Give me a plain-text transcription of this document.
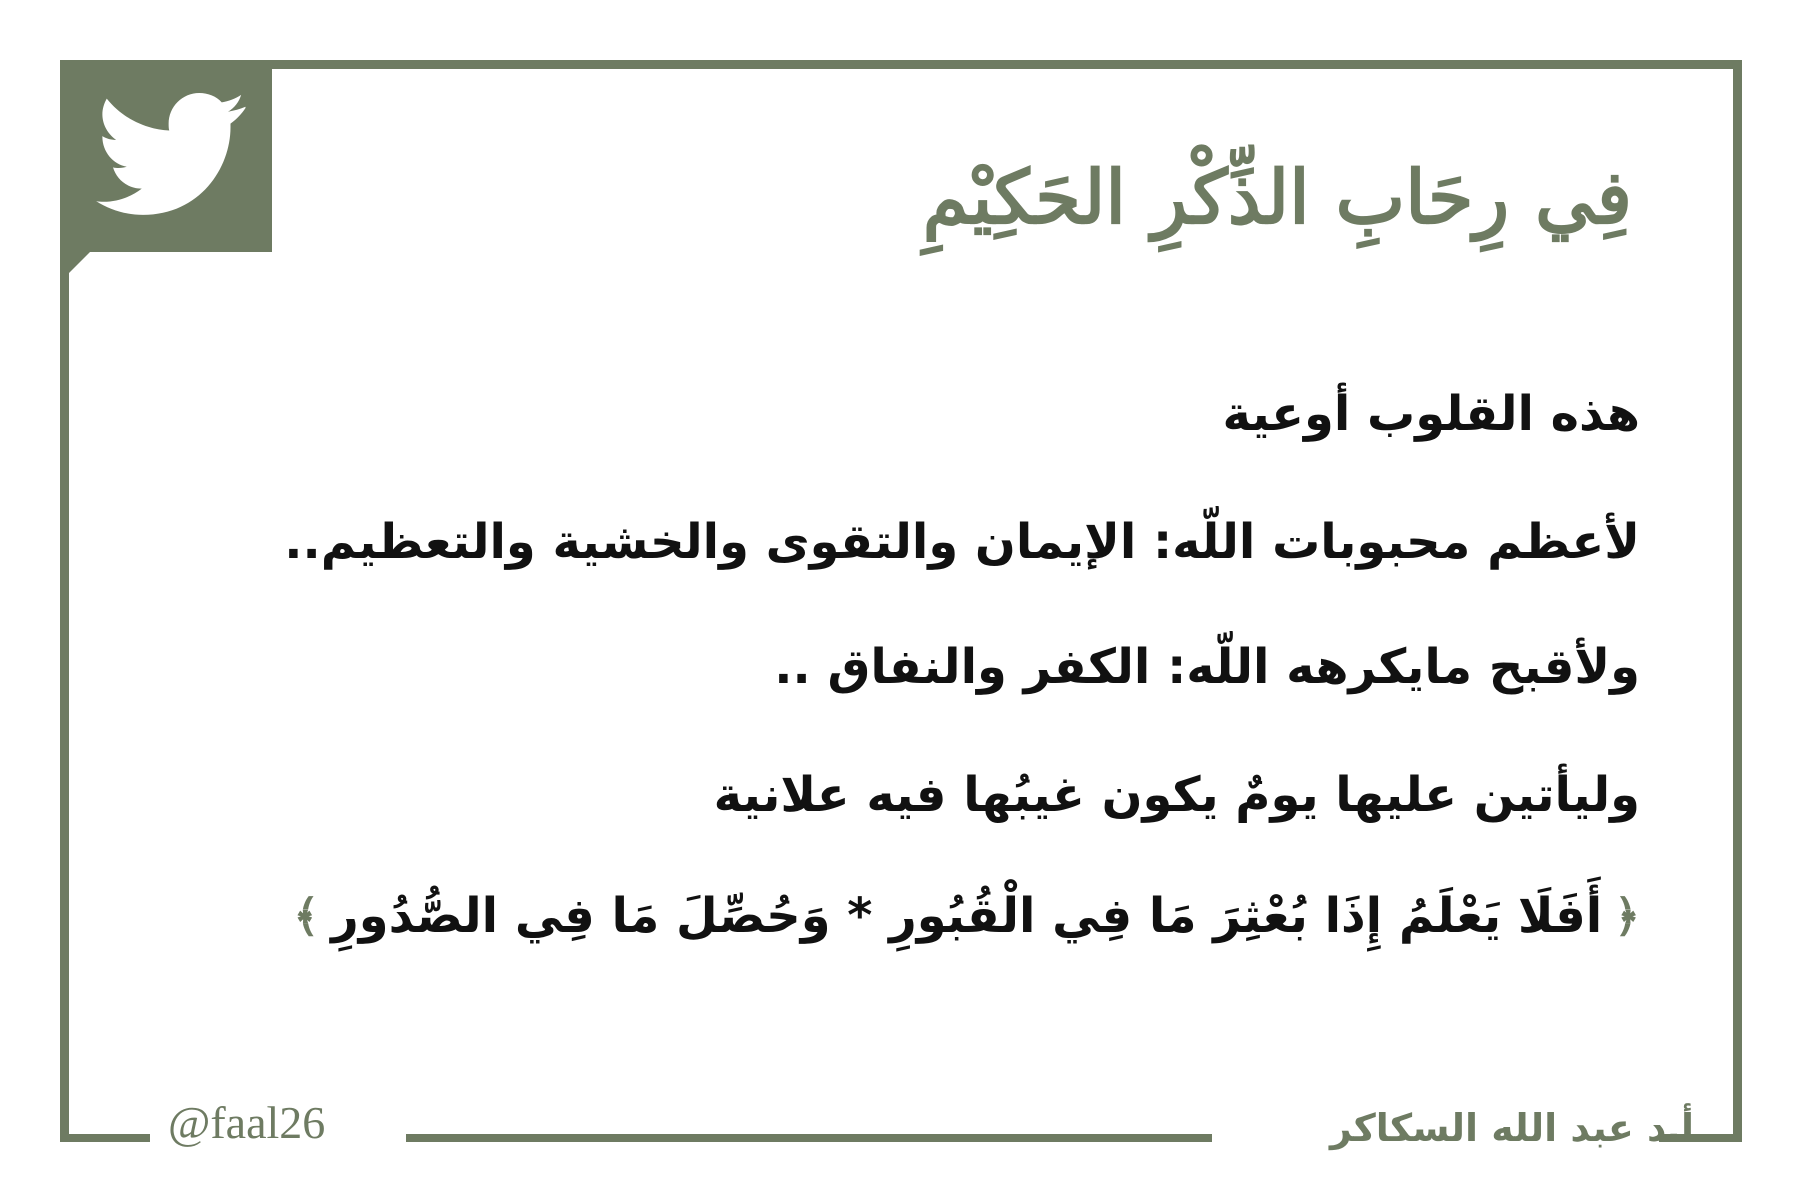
فِي رِحَابِ الذِّكْرِ الحَكِيْمِ
هذه القلوب أوعية
لأعظم محبوبات اللّه: الإيمان والتقوى والخشية والتعظيم..
ولأقبح مايكرهه اللّه: الكفر والنفاق ..
وليأتين عليها يومٌ يكون غيبُها فيه علانية
﴿
أَفَلَا يَعْلَمُ إِذَا بُعْثِرَ مَا فِي الْقُبُورِ * وَحُصِّلَ مَا فِي الصُّدُورِ
﴾
@faal26	أ.د عبد الله السكاكر
